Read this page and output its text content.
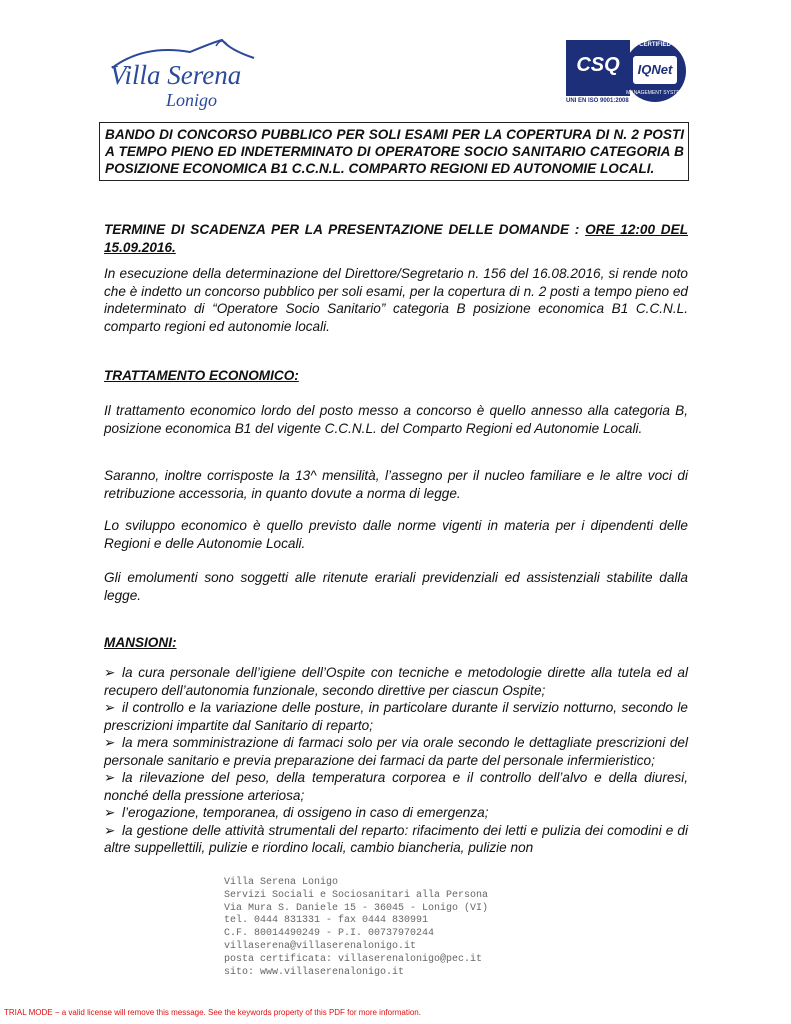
Villa Serena
Lonigo
CSQ
UNI EN ISO 9001:2008
CERTIFIED
IQNet
MANAGEMENT SYSTEM

BANDO DI CONCORSO PUBBLICO PER SOLI ESAMI PER LA COPERTURA DI N. 2 POSTI A TEMPO PIENO ED INDETERMINATO DI OPERATORE SOCIO SANITARIO CATEGORIA B POSIZIONE ECONOMICA B1 C.C.N.L. COMPARTO REGIONI ED AUTONOMIE LOCALI.

TERMINE DI SCADENZA PER LA PRESENTAZIONE DELLE DOMANDE : ORE 12:00 DEL 15.09.2016.

In esecuzione della determinazione del Direttore/Segretario n. 156 del 16.08.2016, si rende noto che è indetto un concorso pubblico per soli esami, per la copertura di n. 2 posti a tempo pieno ed indeterminato di “Operatore Socio Sanitario” categoria B posizione economica B1 C.C.N.L. comparto regioni ed autonomie locali.

TRATTAMENTO ECONOMICO:

Il trattamento economico lordo del posto messo a concorso è quello annesso alla categoria B, posizione economica B1 del vigente C.C.N.L. del Comparto Regioni ed Autonomie Locali.

Saranno, inoltre corrisposte la 13^ mensilità, l’assegno per il nucleo familiare e le altre voci di retribuzione accessoria, in quanto dovute a norma di legge.

Lo sviluppo economico è quello previsto dalle norme vigenti in materia per i dipendenti delle Regioni e delle Autonomie Locali.

Gli emolumenti sono soggetti alle ritenute erariali previdenziali ed assistenziali stabilite dalla legge.

MANSIONI:

➢ la cura personale dell’igiene dell’Ospite con tecniche e metodologie dirette alla tutela ed al recupero dell’autonomia funzionale, secondo direttive per ciascun Ospite;
➢ il controllo e la variazione delle posture, in particolare durante il servizio notturno, secondo le prescrizioni impartite dal Sanitario di reparto;
➢ la mera somministrazione di farmaci solo per via orale secondo le dettagliate prescrizioni del personale sanitario e previa preparazione dei farmaci da parte del personale infermieristico;
➢ la rilevazione del peso, della temperatura corporea e il controllo dell’alvo e della diuresi, nonché della pressione arteriosa;
➢ l’erogazione, temporanea, di ossigeno in caso di emergenza;
➢ la gestione delle attività strumentali del reparto: rifacimento dei letti e pulizia dei comodini e di altre suppellettili, pulizie e riordino locali, cambio biancheria, pulizie non
Villa Serena Lonigo
Servizi Sociali e Sociosanitari alla Persona
Via Mura S. Daniele 15 - 36045 - Lonigo (VI)
tel. 0444 831331 - fax 0444 830991
C.F. 80014490249 - P.I. 00737970244
villaserena@villaserenalonigo.it
posta certificata: villaserenalonigo@pec.it
sito: www.villaserenalonigo.it
TRIAL MODE − a valid license will remove this message. See the keywords property of this PDF for more information.
